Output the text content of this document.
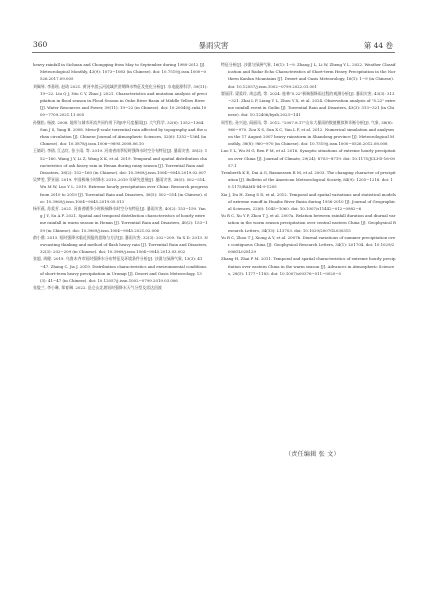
360	暴雨灾害	第 44 卷

heavy rainfall in Sichuan and Chongqing from May to September during 1980-2012 [J]. Meteorological Monthly, 43(9): 1073−1083 (in Chinese). doi: 10.7519/j.issn.1000−0526.2017.09.005

刘佩琴, 李嘉瑶, 赵琦 2021. 黄河中游云河流域洪涝期降水特征及变化分析[J]. 水电能源科学, 39(11): 19−22. Liu Q J, Niu C Y, Zhao J. 2021. Characteristics and mutation analysis of precipitation in flood season in Flood Season in Onhe River Basin of Middle Yellow River [J]. Water Resources and Power, 39(11): 19−22 (in Chinese). doi: 10.20040/j.cnki.1000−7709.2021.11.005

孙继松, 杨波. 2008. 地形与城市环流共同作用下的β中尺度暴雨[J]. 大气科学, 32(6): 1352−1364. Sun J S, Yang B. 2008. Meso-β-scale torrential rain affected by topography and the urban circulation [J]. Chinese Journal of Atmospheric Sciences, 32(6): 1352−1364 (in Chinese). doi: 10.3878/j.issn.1006−9895.2008.06.10

王婧玥, 李倩, 江志红, 张小雨, 等. 2019. 河南省南季短时强降水时空分布特征[J]. 暴雨灾害, 38(2): 152−160. Wang J Y, Li Z, Wang X K, et al. 2019. Temporal and spatial distribution characteristics of ash heavy rain in Henan during rainy season [J]. Torrential Rain and Disasters, 38(2): 152−160 (in Chinese). doi: 10.3969/j.issn.1004−9045.2019.02.007

吴梦雯, 罗亚丽. 2019. 中国极端小时降水 2010–2019 年研究进展[J]. 暴雨灾害, 38(5): 502−514. Wu M W, Luo Y L. 2019. Extreme hourly precipitation over China: Research progress from 2010 to 2019 [J]. Torrential Rain and Disasters, 38(5): 502−514 (in Chinese). doi: 10.3969/j.issn.1004−9045.2019.05.013

杨军燕, 苏爱芳. 2021. 河南省暖季小时极端降水时空分布特征[J]. 暴雨灾害, 40(2): 153−159. Yang J Y, Su A F. 2021. Spatial and temporal distribution characteristics of hourly extreme rainfall in warm season in Henan [J]. Torrential Rain and Disasters, 40(2): 153−159 (in Chinese). doi: 10.3969/j.issn.1004−9045.2021.02.006

俞小鼎. 2013. 短时强降水临近预报的思路与方法[J]. 暴雨灾害, 32(3): 202−209. Yu X D. 2013. Nowcasting thinking and method of flash heavy rain [J]. Torrential Rain and Disasters, 32(3): 202−209 (in Chinese). doi: 10.3969/j.issn.1004−9045.2013.03.002

张超, 周健. 2019. 乌鲁木齐市短时强降水分布特征及环境条件分析[J]. 沙漠与绿洲气象, 13(3): 41−47. Zhang C, Jia J. 2019. Distribution characteristics and environmental conditions of short-term heavy precipitation in Urumqi [J]. Desert and Oasis Meteorology, 13(3): 41−47 (in Chinese). doi: 10.12057/j.issn.1002−0799.2019.03.006

张俊兰, 李小琳, 郑育琳. 2022. 昆仑山北坡短时强降水天气分型及雷达回波

特征分析[J]. 沙漠与绿洲气象, 16(1): 1−9. Zhang J L, Li W, Zheng Y L. 2022. Weather Classification and Radar Echo Characteristics of Short-term Heavy Precipitation in the Northern Kunlun Mountains [J]. Desert and Oasis Meteorology, 16(1): 1−9 (in Chinese). doi: 10.12057/j.issn.1002−0799.2022.01.001

翟丽萍, 梁爱玲, 周志霞, 等. 2024. 桂林"5.22"极端强降雨过程的观测分析[J]. 暴雨灾害, 43(3): 313−321. Zhai L P, Liang Y L, Zhou Y X, et al. 2024. Observation analysis of "5.22" extreme rainfall event in Guilin [J]. Torrential Rain and Disasters, 43(3): 313−321 (in Chinese). doi: 10.12406/byzh.2023−141

周雪松, 孙兴池, 阎丽凤, 等. 2012. "2007.8.17"山东大暴雨的数值模拟和诊断分析[J]. 气象, 38(8): 960−970. Zou X S, Sun X C, Yan L F, et al. 2012. Numerical simulation and analyses on the 17 August 2007 heavy rainstorm in Shandong province [J]. Meteorological Monthly, 38(8): 960−970 (in Chinese). doi: 10.7519/j.issn.1000−0526.2012.08.008

Luo Y L, Wu M G, Ren F M, et al. 2016. Synoptic situations of extreme hourly precipitation over China [J]. Journal of Climate, 29(24): 8703−8719. doi: 10.1175/JCLI-D-16-0057.1

Trenberth K E, Dai A G, Rasmussen R M, et al. 2003. The changing character of precipitation [J]. Bulletin of the American Meteorological Society, 84(9): 1205−1218. doi: 10.1175/BAMS-84-9-1205

Xia J, Du H, Zeng S D, et al. 2012. Temporal and spatial variations and statistical models of extreme runoff in Huaihe River Basin during 1956-2010 [J]. Journal of Geographical Sciences, 22(6): 1045−1060. doi: 10.1007/s11442−012−0982−6

Yu R C, Xu Y P, Zhou T J, et al. 2007a. Relation between rainfall duration and diurnal variation in the warm season precipitation over central eastern China [J]. Geophysical Research Letters, 34(13): L13703. doi: 10.1029/2007GL030315

Yu R C, Zhou T J, Xiong A Y, et al. 2007b. Diurnal variations of summer precipitation over contiguous China [J]. Geophysical Research Letters, 34(1): L01704. doi: 10.1029/2006GL028129

Zhang H, Zhai P M. 2011. Temporal and spatial characteristics of extreme hourly precipitation over eastern China in the warm season [J]. Advances in Atmospheric Sciences, 28(5): 1177−1183. doi: 10.1007/s00376−011−0020−0

（责任编辑 张 文）
